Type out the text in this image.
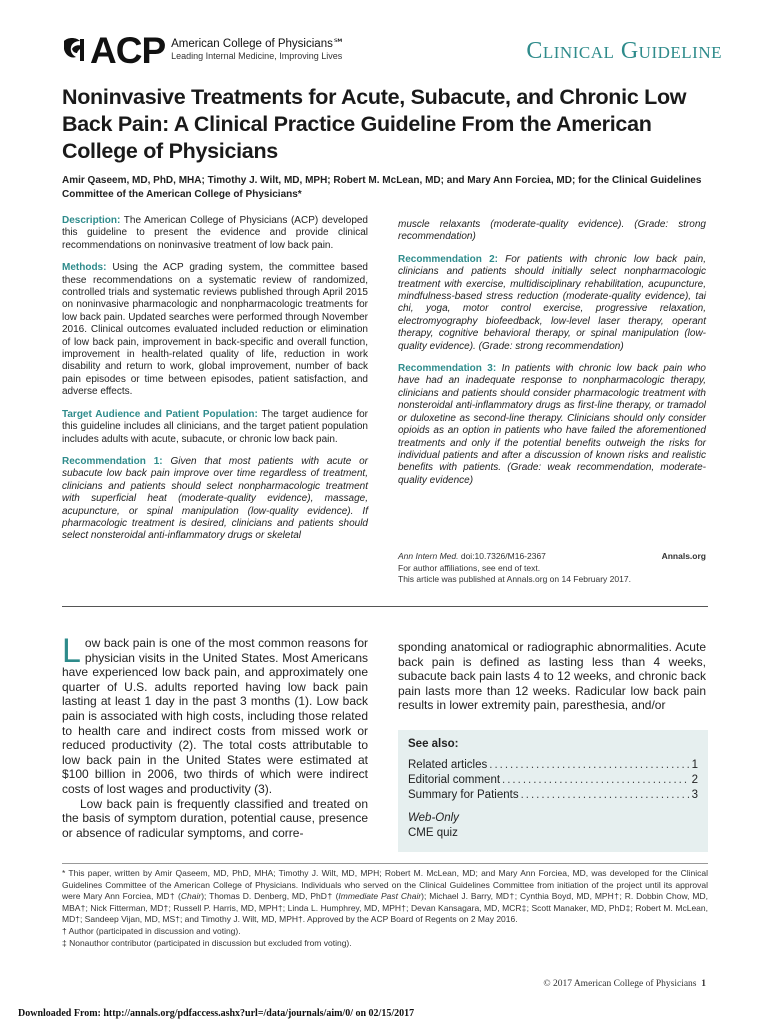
ACP American College of Physicians℠
Leading Internal Medicine, Improving Lives	Clinical Guideline
Noninvasive Treatments for Acute, Subacute, and Chronic Low Back Pain: A Clinical Practice Guideline From the American College of Physicians
Amir Qaseem, MD, PhD, MHA; Timothy J. Wilt, MD, MPH; Robert M. McLean, MD; and Mary Ann Forciea, MD; for the Clinical Guidelines Committee of the American College of Physicians*

Description: The American College of Physicians (ACP) developed this guideline to present the evidence and provide clinical recommendations on noninvasive treatment of low back pain.

Methods: Using the ACP grading system, the committee based these recommendations on a systematic review of randomized, controlled trials and systematic reviews published through April 2015 on noninvasive pharmacologic and nonpharmacologic treatments for low back pain. Updated searches were performed through November 2016. Clinical outcomes evaluated included reduction or elimination of low back pain, improvement in back-specific and overall function, improvement in health-related quality of life, reduction in work disability and return to work, global improvement, number of back pain episodes or time between episodes, patient satisfaction, and adverse effects.

Target Audience and Patient Population: The target audience for this guideline includes all clinicians, and the target patient population includes adults with acute, subacute, or chronic low back pain.

Recommendation 1: Given that most patients with acute or subacute low back pain improve over time regardless of treatment, clinicians and patients should select nonpharmacologic treatment with superficial heat (moderate-quality evidence), massage, acupuncture, or spinal manipulation (low-quality evidence). If pharmacologic treatment is desired, clinicians and patients should select nonsteroidal anti-inflammatory drugs or skeletal

muscle relaxants (moderate-quality evidence). (Grade: strong recommendation)

Recommendation 2: For patients with chronic low back pain, clinicians and patients should initially select nonpharmacologic treatment with exercise, multidisciplinary rehabilitation, acupuncture, mindfulness-based stress reduction (moderate-quality evidence), tai chi, yoga, motor control exercise, progressive relaxation, electromyography biofeedback, low-level laser therapy, operant therapy, cognitive behavioral therapy, or spinal manipulation (low-quality evidence). (Grade: strong recommendation)

Recommendation 3: In patients with chronic low back pain who have had an inadequate response to nonpharmacologic therapy, clinicians and patients should consider pharmacologic treatment with nonsteroidal anti-inflammatory drugs as first-line therapy, or tramadol or duloxetine as second-line therapy. Clinicians should only consider opioids as an option in patients who have failed the aforementioned treatments and only if the potential benefits outweigh the risks for individual patients and after a discussion of known risks and realistic benefits with patients. (Grade: weak recommendation, moderate-quality evidence)

Ann Intern Med. doi:10.7326/M16-2367	Annals.org
For author affiliations, see end of text.
This article was published at Annals.org on 14 February 2017.

Low back pain is one of the most common reasons for physician visits in the United States. Most Americans have experienced low back pain, and approximately one quarter of U.S. adults reported having low back pain lasting at least 1 day in the past 3 months (1). Low back pain is associated with high costs, including those related to health care and indirect costs from missed work or reduced productivity (2). The total costs attributable to low back pain in the United States were estimated at $100 billion in 2006, two thirds of which were indirect costs of lost wages and productivity (3).

Low back pain is frequently classified and treated on the basis of symptom duration, potential cause, presence or absence of radicular symptoms, and corre-

sponding anatomical or radiographic abnormalities. Acute back pain is defined as lasting less than 4 weeks, subacute back pain lasts 4 to 12 weeks, and chronic back pain lasts more than 12 weeks. Radicular low back pain results in lower extremity pain, paresthesia, and/or

See also:
Related articles .....	1
Editorial comment .....	2
Summary for Patients .....	3
Web-Only
CME quiz

* This paper, written by Amir Qaseem, MD, PhD, MHA; Timothy J. Wilt, MD, MPH; Robert M. McLean, MD; and Mary Ann Forciea, MD, was developed for the Clinical Guidelines Committee of the American College of Physicians. Individuals who served on the Clinical Guidelines Committee from initiation of the project until its approval were Mary Ann Forciea, MD† (Chair); Thomas D. Denberg, MD, PhD† (Immediate Past Chair); Michael J. Barry, MD†; Cynthia Boyd, MD, MPH†; R. Dobbin Chow, MD, MBA†; Nick Fitterman, MD†; Russell P. Harris, MD, MPH†; Linda L. Humphrey, MD, MPH†; Devan Kansagara, MD, MCR‡; Scott Manaker, MD, PhD‡; Robert M. McLean, MD†; Sandeep Vijan, MD, MS†; and Timothy J. Wilt, MD, MPH†. Approved by the ACP Board of Regents on 2 May 2016.

† Author (participated in discussion and voting).

‡ Nonauthor contributor (participated in discussion but excluded from voting).

© 2017 American College of Physicians 1
Downloaded From: http://annals.org/pdfaccess.ashx?url=/data/journals/aim/0/ on 02/15/2017
